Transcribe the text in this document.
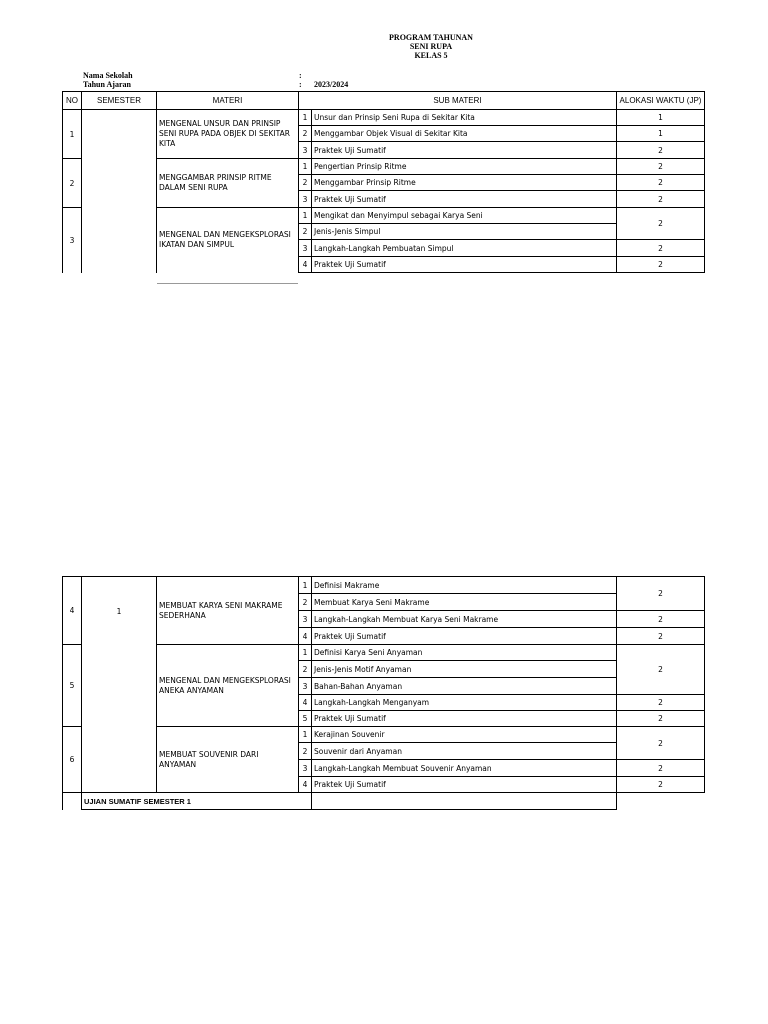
PROGRAM TAHUNAN
SENI RUPA
KELAS 5
Nama Sekolah	:
Tahun Ajaran	: 2023/2024
NO	SEMESTER	MATERI	SUB MATERI		ALOKASI WAKTU (JP)
1		MENGENAL UNSUR DAN PRINSIP SENI RUPA PADA OBJEK DI SEKITAR KITA	1	Unsur dan Prinsip Seni Rupa di Sekitar Kita	1
			2	Menggambar Objek Visual di Sekitar Kita	1
			3	Praktek Uji Sumatif	2
2		MENGGAMBAR PRINSIP RITME DALAM SENI RUPA	1	Pengertian Prinsip Ritme	2
			2	Menggambar Prinsip Ritme	2
			3	Praktek Uji Sumatif	2
3		MENGENAL DAN MENGEKSPLORASI IKATAN DAN SIMPUL	1	Mengikat dan Menyimpul sebagai Karya Seni	2
			2	Jenis-Jenis Simpul	
			3	Langkah-Langkah Pembuatan Simpul	2
			4	Praktek Uji Sumatif	2
4	1	MEMBUAT KARYA SENI MAKRAME SEDERHANA	1	Definisi Makrame	2
			2	Membuat Karya Seni Makrame	
			3	Langkah-Langkah Membuat Karya Seni Makrame	2
			4	Praktek Uji Sumatif	2
5		MENGENAL DAN MENGEKSPLORASI ANEKA ANYAMAN	1	Definisi Karya Seni Anyaman	2
			2	Jenis-Jenis Motif Anyaman	
			3	Bahan-Bahan Anyaman	
			4	Langkah-Langkah Menganyam	2
			5	Praktek Uji Sumatif	2
6		MEMBUAT SOUVENIR DARI ANYAMAN	1	Kerajinan Souvenir	2
			2	Souvenir dari Anyaman	
			3	Langkah-Langkah Membuat Souvenir Anyaman	2
			4	Praktek Uji Sumatif	2
	UJIAN SUMATIF SEMESTER 1				
